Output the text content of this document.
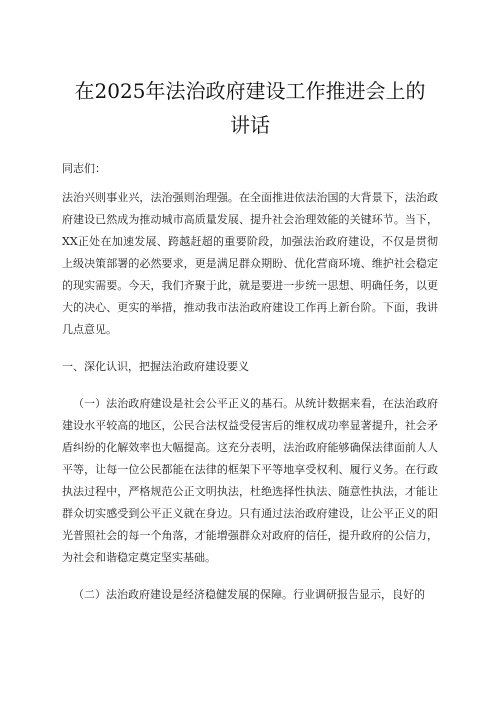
在2025年法治政府建设工作推进会上的
讲话

同志们：

法治兴则事业兴，法治强则治理强。在全面推进依法治国的大背景下，法治政府建设已然成为推动城市高质量发展、提升社会治理效能的关键环节。当下，XX正处在加速发展、跨越赶超的重要阶段，加强法治政府建设，不仅是贯彻上级决策部署的必然要求，更是满足群众期盼、优化营商环境、维护社会稳定的现实需要。今天，我们齐聚于此，就是要进一步统一思想、明确任务，以更大的决心、更实的举措，推动我市法治政府建设工作再上新台阶。下面，我讲几点意见。

一、深化认识，把握法治政府建设要义

（一）法治政府建设是社会公平正义的基石。从统计数据来看，在法治政府建设水平较高的地区，公民合法权益受侵害后的维权成功率显著提升，社会矛盾纠纷的化解效率也大幅提高。这充分表明，法治政府能够确保法律面前人人平等，让每一位公民都能在法律的框架下平等地享受权利、履行义务。在行政执法过程中，严格规范公正文明执法，杜绝选择性执法、随意性执法，才能让群众切实感受到公平正义就在身边。只有通过法治政府建设，让公平正义的阳光普照社会的每一个角落，才能增强群众对政府的信任，提升政府的公信力，为社会和谐稳定奠定坚实基础。

（二）法治政府建设是经济稳健发展的保障。行业调研报告显示，良好的
